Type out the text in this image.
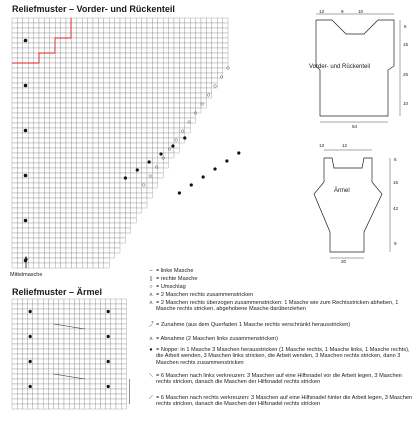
Reliefmuster – Vorder- und Rückenteil
Mittelmasche
Reliefmuster – Ärmel
Vorder- und Rückenteil
13	9	10
6
15
25
10
54
Ärmel
13	12
6
15
42
9
20
– = linke Masche
▯ = rechte Masche
○ = Umschlag
⋏ = 2 Maschen rechts zusammenstricken
⋏ = 2 Maschen rechts überzogen zusammenstricken: 1 Masche wie zum Rechtsstricken abheben, 1 Masche rechts stricken, abgehobene Masche darüberziehen
⤴ = Zunahme (aus dem Querfaden 1 Masche rechts verschränkt herausstricken)
⋏ = Abnahme (2 Maschen links zusammenstricken)
● = Noppe: in 1 Masche 3 Maschen herausstricken (1 Masche rechts, 1 Masche links, 1 Masche rechts), die Arbeit wenden, 3 Maschen links stricken, die Arbeit wenden, 3 Maschen rechts stricken, dann 3 Maschen rechts zusammenstricken
⟍ = 6 Maschen nach links verkreuzen: 3 Maschen auf eine Hilfsnadel vor die Arbeit legen, 3 Maschen rechts stricken, danach die Maschen der Hilfsnadel rechts stricken
⟋ = 6 Maschen nach rechts verkreuzen: 3 Maschen auf eine Hilfsnadel hinter die Arbeit legen, 3 Maschen rechts stricken, danach die Maschen der Hilfsnadel rechts stricken
